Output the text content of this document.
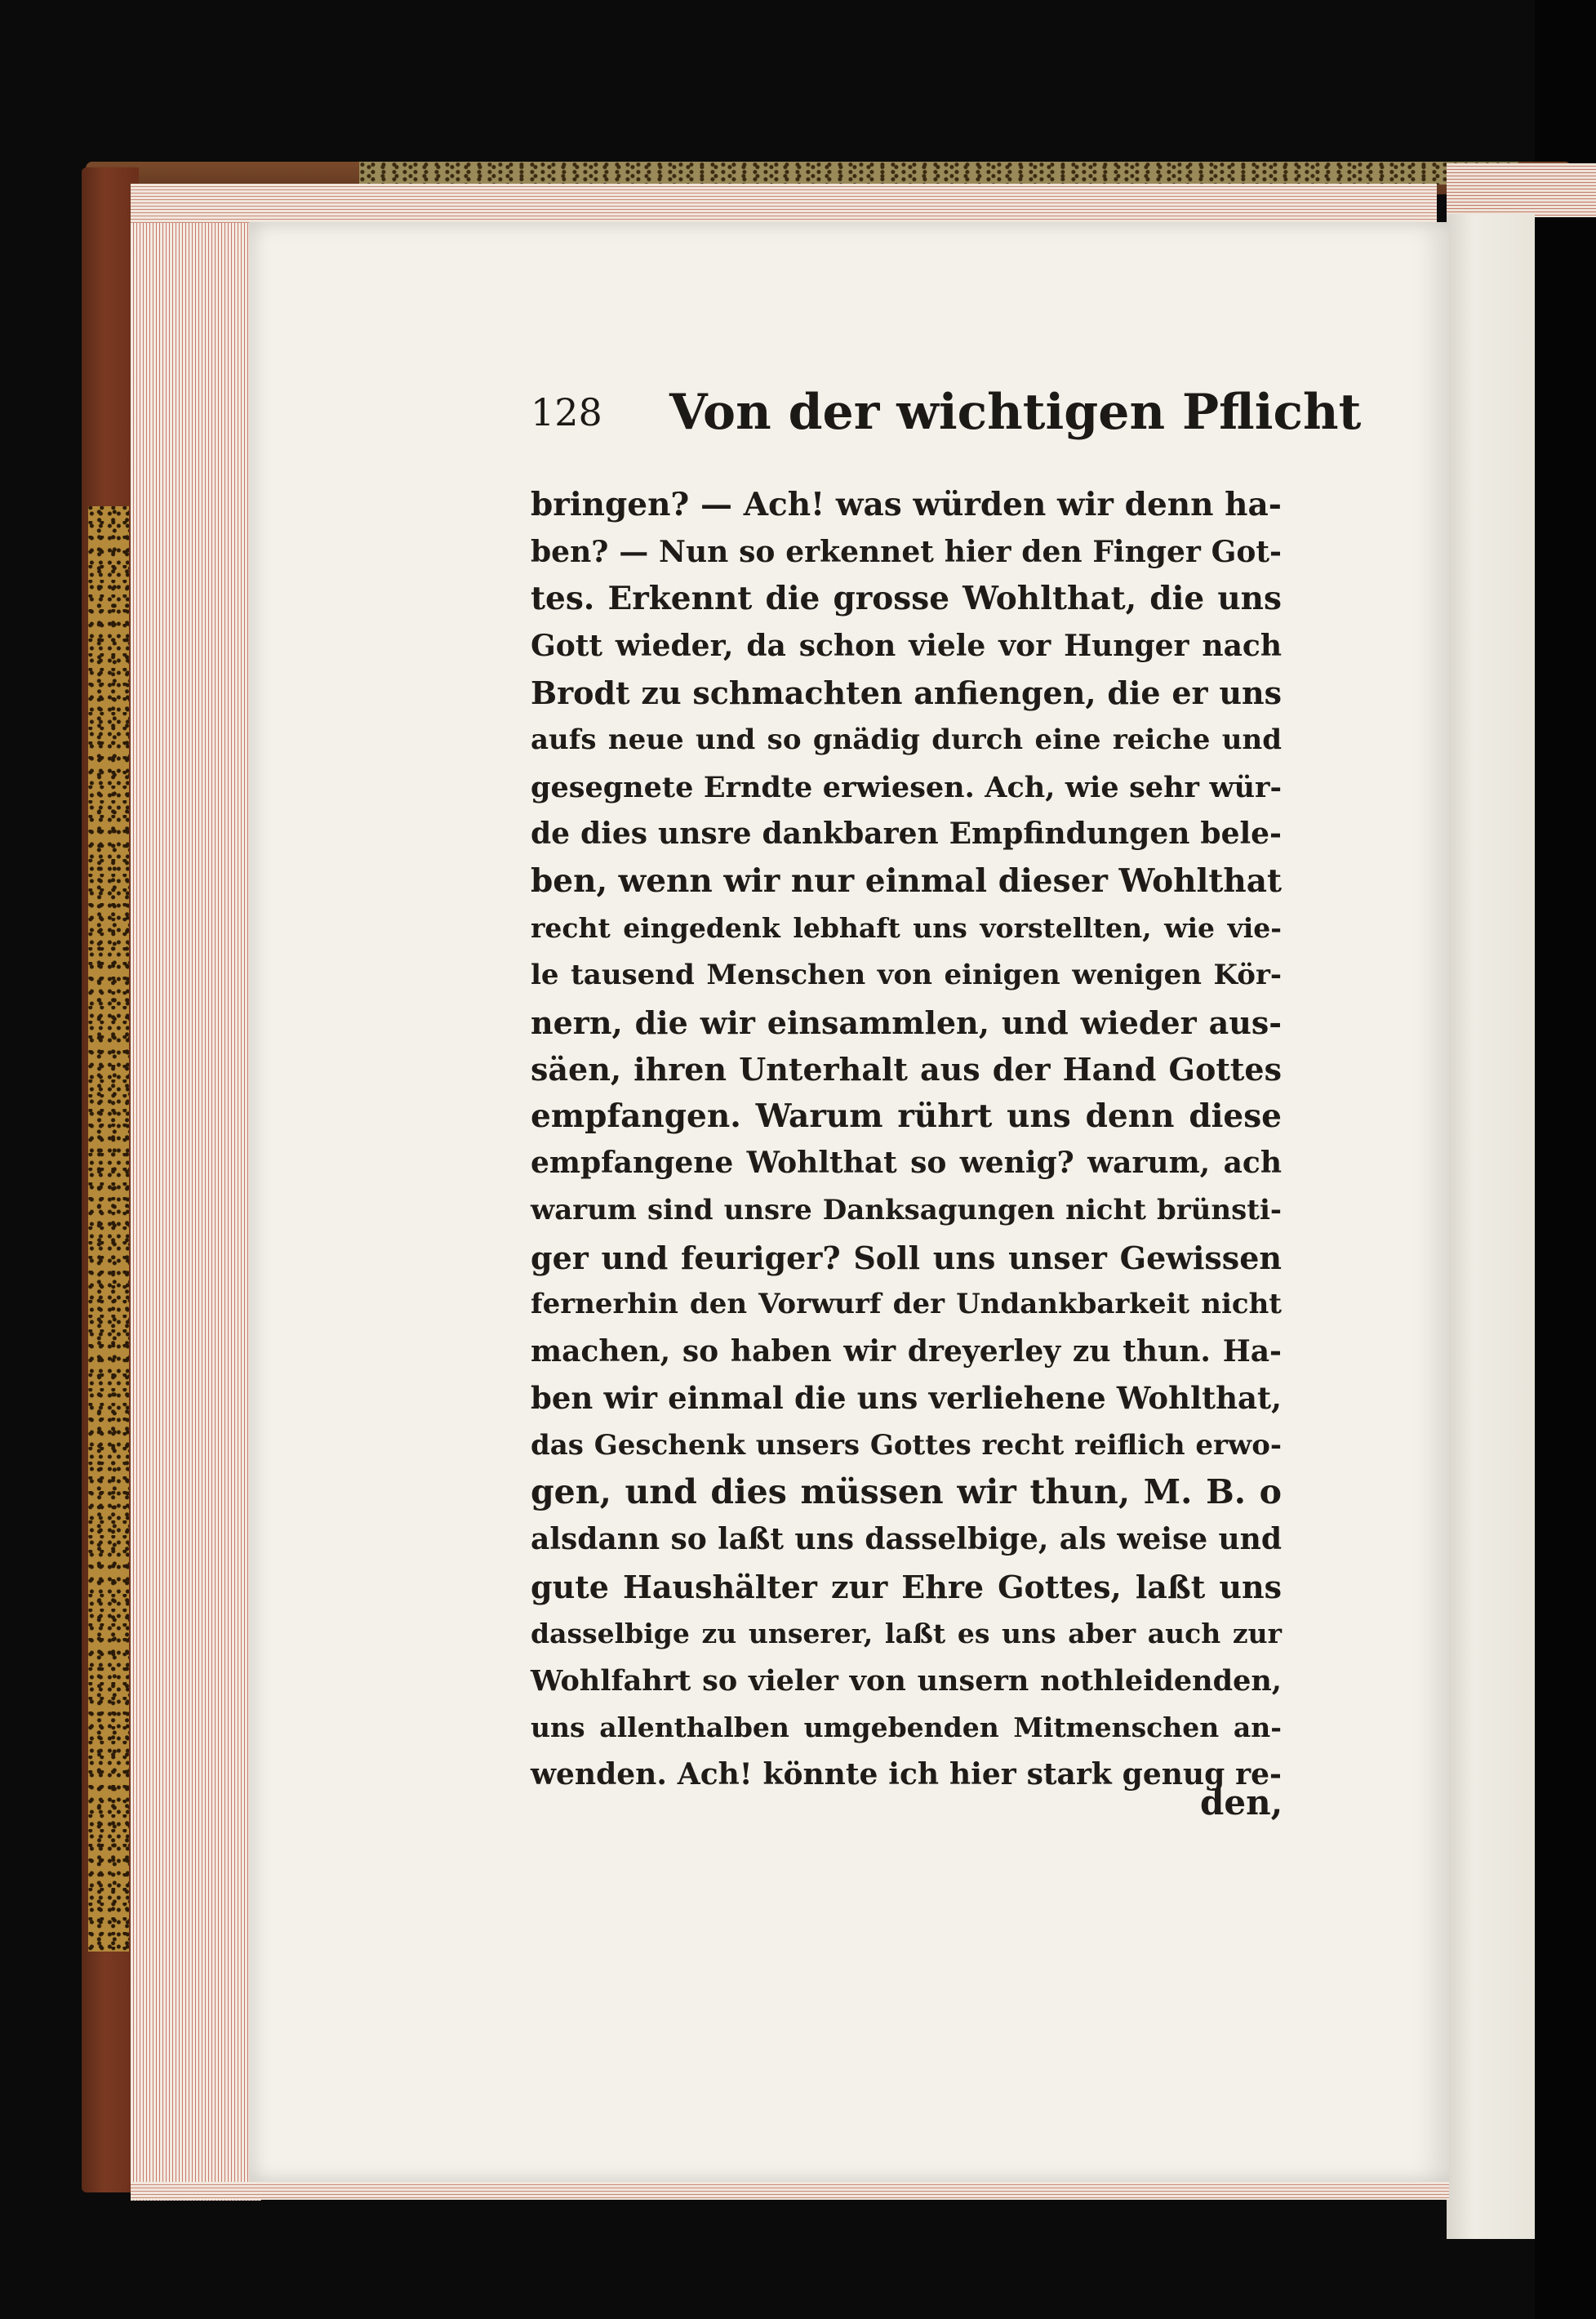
128 Von der wichtigen Pflicht
bringen? — Ach! was würden wir denn ha-
ben? — Nun so erkennet hier den Finger Got-
tes. Erkennt die grosse Wohlthat, die uns
Gott wieder, da schon viele vor Hunger nach
Brodt zu schmachten anfiengen, die er uns
aufs neue und so gnädig durch eine reiche und
gesegnete Erndte erwiesen. Ach, wie sehr wür-
de dies unsre dankbaren Empfindungen bele-
ben, wenn wir nur einmal dieser Wohlthat
recht eingedenk lebhaft uns vorstellten, wie vie-
le tausend Menschen von einigen wenigen Kör-
nern, die wir einsammlen, und wieder aus-
säen, ihren Unterhalt aus der Hand Gottes
empfangen. Warum rührt uns denn diese
empfangene Wohlthat so wenig? warum, ach
warum sind unsre Danksagungen nicht brünsti-
ger und feuriger? Soll uns unser Gewissen
fernerhin den Vorwurf der Undankbarkeit nicht
machen, so haben wir dreyerley zu thun. Ha-
ben wir einmal die uns verliehene Wohlthat,
das Geschenk unsers Gottes recht reiflich erwo-
gen, und dies müssen wir thun, M. B. o
alsdann so laßt uns dasselbige, als weise und
gute Haushälter zur Ehre Gottes, laßt uns
dasselbige zu unserer, laßt es uns aber auch zur
Wohlfahrt so vieler von unsern nothleidenden,
uns allenthalben umgebenden Mitmenschen an-
wenden. Ach! könnte ich hier stark genug re-
den,
